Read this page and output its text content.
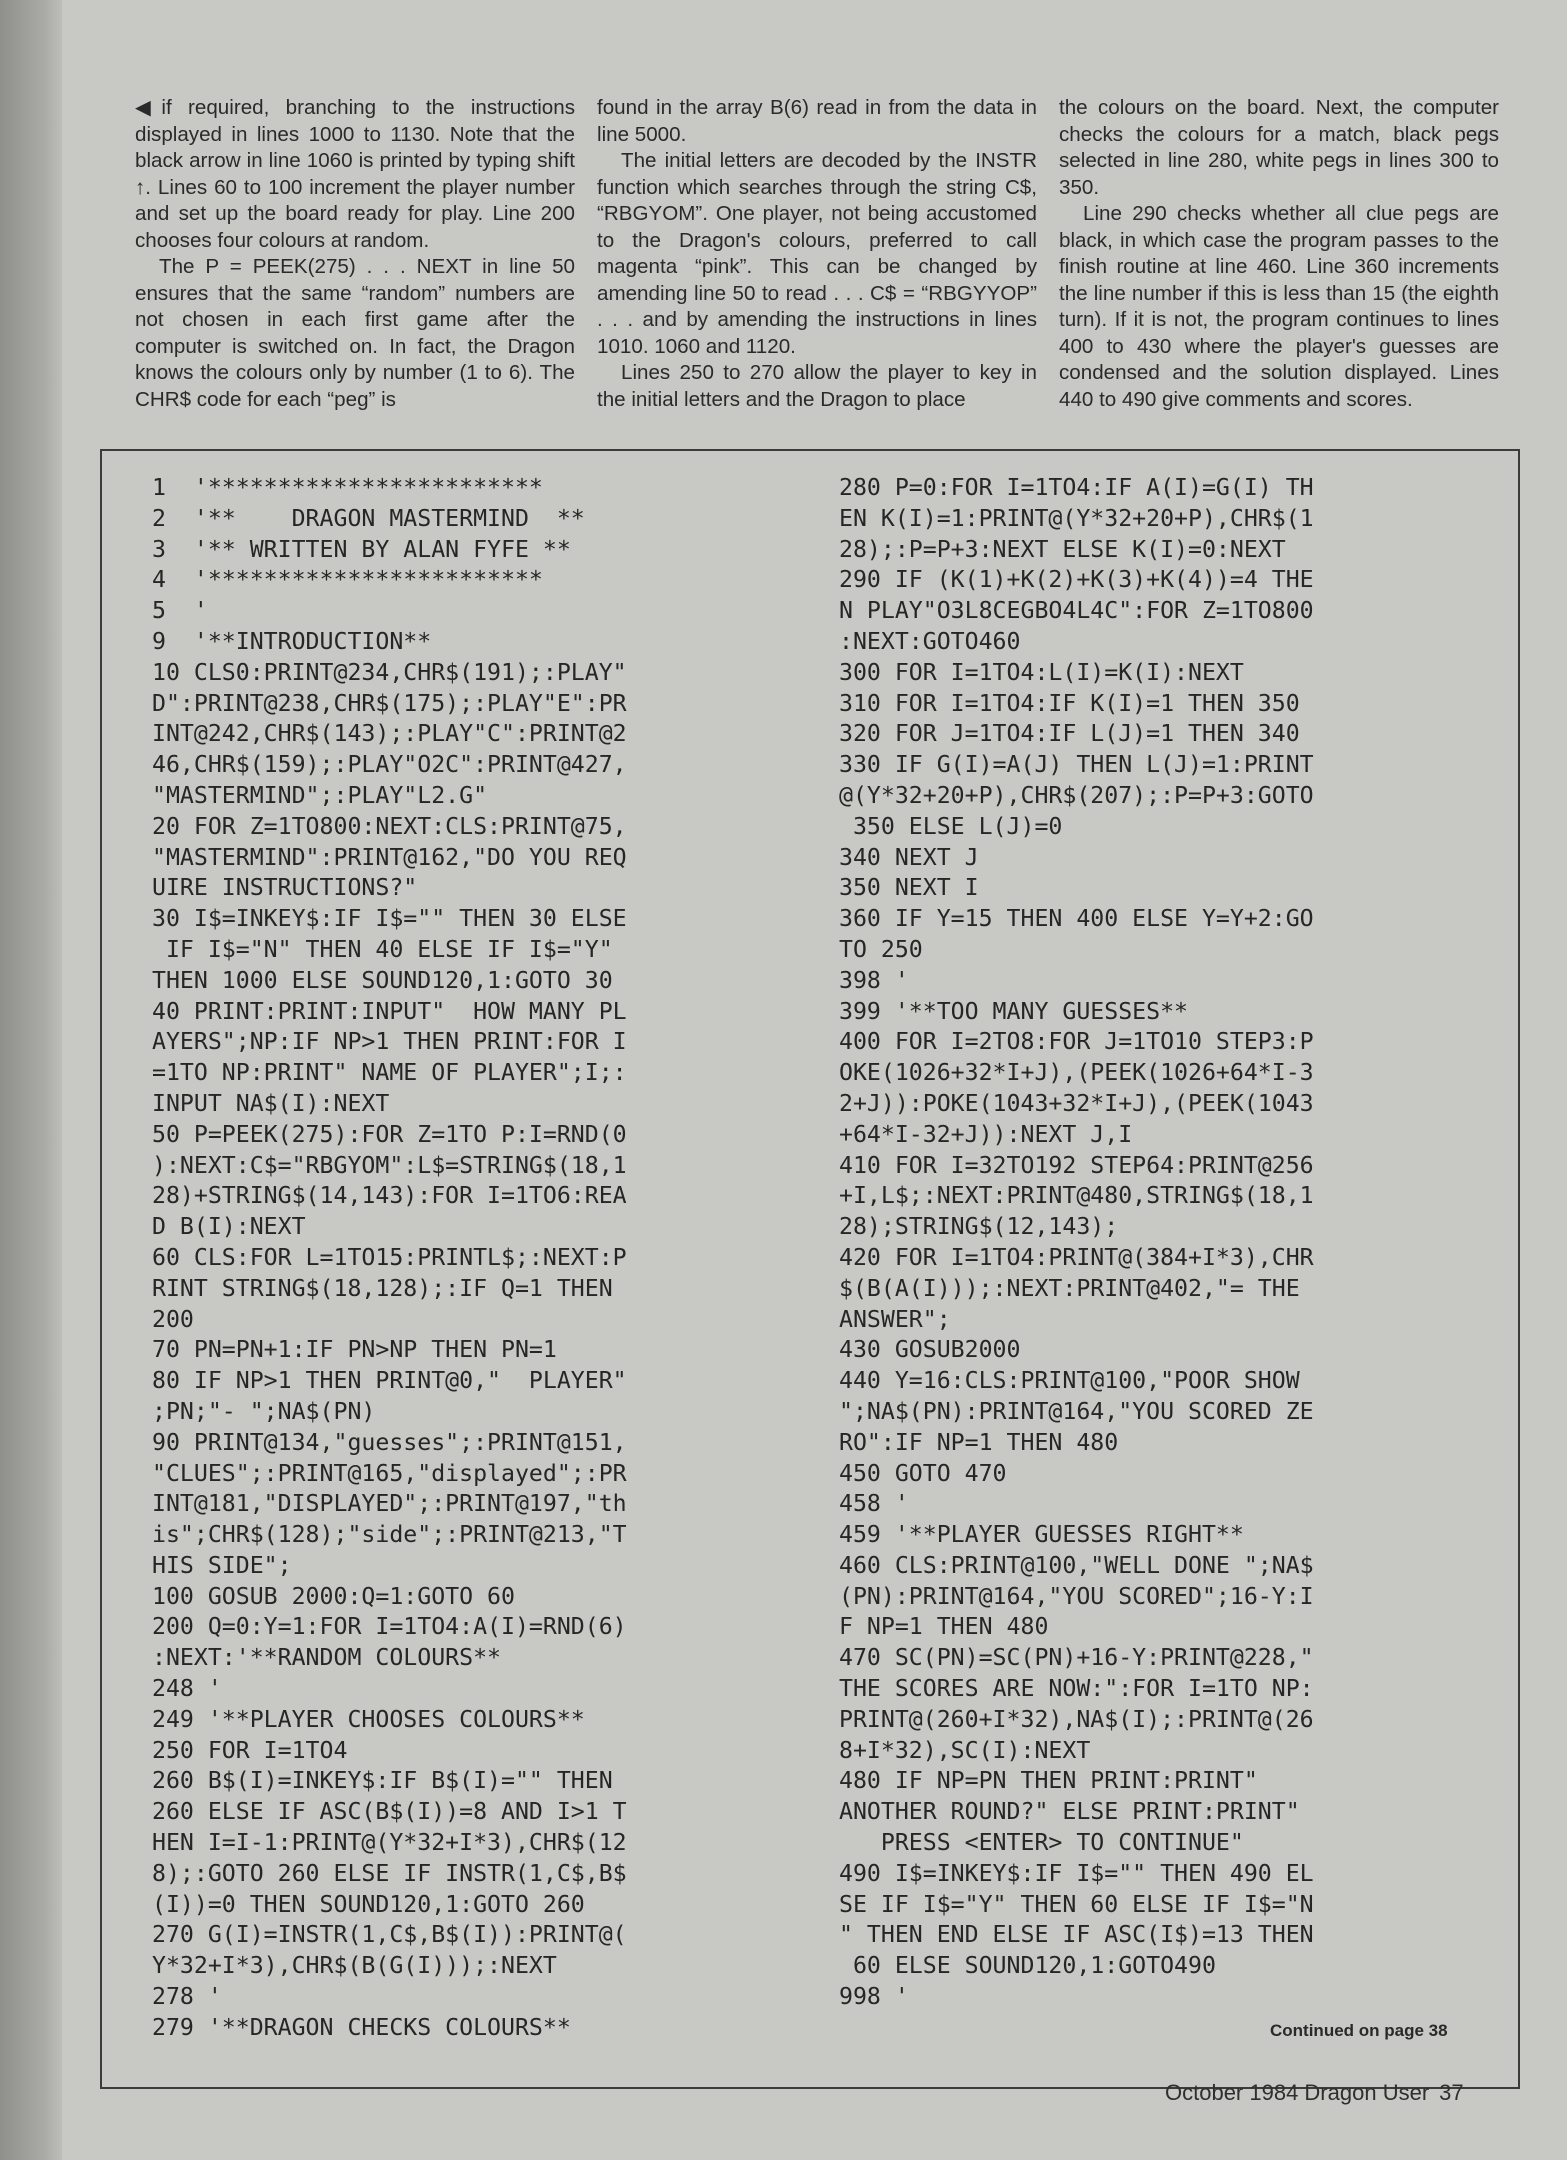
◀if required, branching to the instructions displayed in lines 1000 to 1130. Note that the black arrow in line 1060 is printed by typing shift ↑. Lines 60 to 100 increment the player number and set up the board ready for play. Line 200 chooses four colours at random.

The P = PEEK(275) . . . NEXT in line 50 ensures that the same “random” numbers are not chosen in each first game after the computer is switched on. In fact, the Dragon knows the colours only by number (1 to 6). The CHR$ code for each “peg” is

found in the array B(6) read in from the data in line 5000.

The initial letters are decoded by the INSTR function which searches through the string C$, “RBGYOM”. One player, not being accustomed to the Dragon's colours, preferred to call magenta “pink”. This can be changed by amending line 50 to read . . . C$ = “RBGYYOP” . . . and by amending the instructions in lines 1010. 1060 and 1120.

Lines 250 to 270 allow the player to key in the initial letters and the Dragon to place

the colours on the board. Next, the computer checks the colours for a match, black pegs selected in line 280, white pegs in lines 300 to 350.

Line 290 checks whether all clue pegs are black, in which case the program passes to the finish routine at line 460. Line 360 increments the line number if this is less than 15 (the eighth turn). If it is not, the program continues to lines 400 to 430 where the player's guesses are condensed and the solution displayed. Lines 440 to 490 give comments and scores.

1  '************************
2  '**    DRAGON MASTERMIND  **
3  '** WRITTEN BY ALAN FYFE **
4  '************************
5  '
9  '**INTRODUCTION**
10 CLS0:PRINT@234,CHR$(191);:PLAY"
D":PRINT@238,CHR$(175);:PLAY"E":PR
INT@242,CHR$(143);:PLAY"C":PRINT@2
46,CHR$(159);:PLAY"O2C":PRINT@427,
"MASTERMIND";:PLAY"L2.G"
20 FOR Z=1TO800:NEXT:CLS:PRINT@75,
"MASTERMIND":PRINT@162,"DO YOU REQ
UIRE INSTRUCTIONS?"
30 I$=INKEY$:IF I$="" THEN 30 ELSE
IF I$="N" THEN 40 ELSE IF I$="Y"
THEN 1000 ELSE SOUND120,1:GOTO 30
40 PRINT:PRINT:INPUT"  HOW MANY PL
AYERS";NP:IF NP>1 THEN PRINT:FOR I
=1TO NP:PRINT" NAME OF PLAYER";I;:
INPUT NA$(I):NEXT
50 P=PEEK(275):FOR Z=1TO P:I=RND(0
):NEXT:C$="RBGYOM":L$=STRING$(18,1
28)+STRING$(14,143):FOR I=1TO6:REA
D B(I):NEXT
60 CLS:FOR L=1TO15:PRINTL$;:NEXT:P
RINT STRING$(18,128);:IF Q=1 THEN
200
70 PN=PN+1:IF PN>NP THEN PN=1
80 IF NP>1 THEN PRINT@0,"  PLAYER"
;PN;"- ";NA$(PN)
90 PRINT@134,"guesses";:PRINT@151,
"CLUES";:PRINT@165,"displayed";:PR
INT@181,"DISPLAYED";:PRINT@197,"th
is";CHR$(128);"side";:PRINT@213,"T
HIS SIDE";
100 GOSUB 2000:Q=1:GOTO 60
200 Q=0:Y=1:FOR I=1TO4:A(I)=RND(6)
:NEXT:'**RANDOM COLOURS**
248 '
249 '**PLAYER CHOOSES COLOURS**
250 FOR I=1TO4
260 B$(I)=INKEY$:IF B$(I)="" THEN
260 ELSE IF ASC(B$(I))=8 AND I>1 T
HEN I=I-1:PRINT@(Y*32+I*3),CHR$(12
8);:GOTO 260 ELSE IF INSTR(1,C$,B$
(I))=0 THEN SOUND120,1:GOTO 260
270 G(I)=INSTR(1,C$,B$(I)):PRINT@(
Y*32+I*3),CHR$(B(G(I)));:NEXT
278 '
279 '**DRAGON CHECKS COLOURS**
280 P=0:FOR I=1TO4:IF A(I)=G(I) TH
EN K(I)=1:PRINT@(Y*32+20+P),CHR$(1
28);:P=P+3:NEXT ELSE K(I)=0:NEXT
290 IF (K(1)+K(2)+K(3)+K(4))=4 THE
N PLAY"O3L8CEGBO4L4C":FOR Z=1TO800
:NEXT:GOTO460
300 FOR I=1TO4:L(I)=K(I):NEXT
310 FOR I=1TO4:IF K(I)=1 THEN 350
320 FOR J=1TO4:IF L(J)=1 THEN 340
330 IF G(I)=A(J) THEN L(J)=1:PRINT
@(Y*32+20+P),CHR$(207);:P=P+3:GOTO
350 ELSE L(J)=0
340 NEXT J
350 NEXT I
360 IF Y=15 THEN 400 ELSE Y=Y+2:GO
TO 250
398 '
399 '**TOO MANY GUESSES**
400 FOR I=2TO8:FOR J=1TO10 STEP3:P
OKE(1026+32*I+J),(PEEK(1026+64*I-3
2+J)):POKE(1043+32*I+J),(PEEK(1043
+64*I-32+J)):NEXT J,I
410 FOR I=32TO192 STEP64:PRINT@256
+I,L$;:NEXT:PRINT@480,STRING$(18,1
28);STRING$(12,143);
420 FOR I=1TO4:PRINT@(384+I*3),CHR
$(B(A(I)));:NEXT:PRINT@402,"= THE
ANSWER";
430 GOSUB2000
440 Y=16:CLS:PRINT@100,"POOR SHOW
";NA$(PN):PRINT@164,"YOU SCORED ZE
RO":IF NP=1 THEN 480
450 GOTO 470
458 '
459 '**PLAYER GUESSES RIGHT**
460 CLS:PRINT@100,"WELL DONE ";NA$
(PN):PRINT@164,"YOU SCORED";16-Y:I
F NP=1 THEN 480
470 SC(PN)=SC(PN)+16-Y:PRINT@228,"
THE SCORES ARE NOW:":FOR I=1TO NP:
PRINT@(260+I*32),NA$(I);:PRINT@(26
8+I*32),SC(I):NEXT
480 IF NP=PN THEN PRINT:PRINT"
ANOTHER ROUND?" ELSE PRINT:PRINT"
PRESS <ENTER> TO CONTINUE"
490 I$=INKEY$:IF I$="" THEN 490 EL
SE IF I$="Y" THEN 60 ELSE IF I$="N
" THEN END ELSE IF ASC(I$)=13 THEN
60 ELSE SOUND120,1:GOTO490
998 '
Continued on page 38
October 1984 Dragon User 37
